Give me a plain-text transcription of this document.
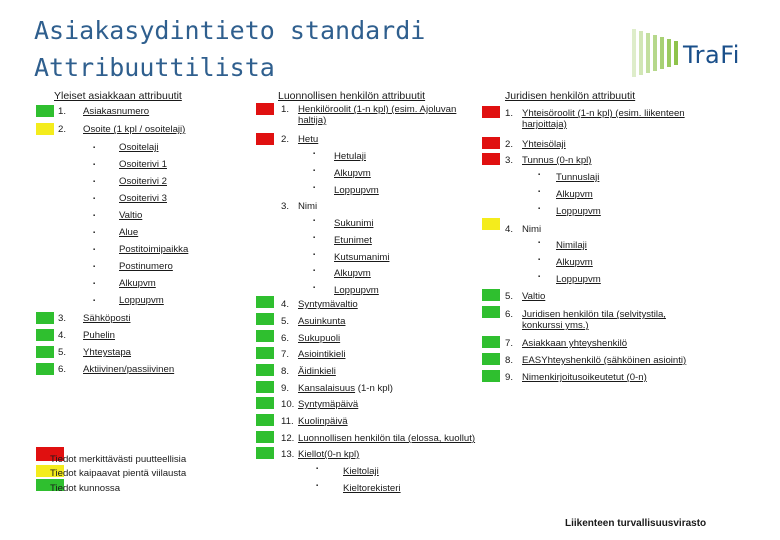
Asiakasydintieto standardi
Attribuuttilista	TraFi
Yleiset asiakkaan attribuutit	Luonnollisen henkilön attribuutit	Juridisen henkilön attribuutit
1. Asiakasnumero
2. Osoite (1 kpl / osoitelaji)
▪ Osoitelaji
▪ Osoiterivi 1
▪ Osoiterivi 2
▪ Osoiterivi 3
▪ Valtio
▪ Alue
▪ Postitoimipaikka
▪ Postinumero
▪ Alkupvm
▪ Loppupvm
3. Sähköposti
4. Puhelin
5. Yhteystapa
6. Aktiivinen/passiivinen
Tiedot merkittävästi puutteellisia
Tiedot kaipaavat pientä viilausta
Tiedot kunnossa
1. Henkilöroolit (1-n kpl) (esim. Ajoluvan
haltija)
2. Hetu
▪ Hetulaji
▪ Alkupvm
▪ Loppupvm
3. Nimi
▪ Sukunimi
▪ Etunimet
▪ Kutsumanimi
▪ Alkupvm
▪ Loppupvm
4. Syntymävaltio
5. Asuinkunta
6. Sukupuoli
7. Asiointikieli
8. Äidinkieli
9. Kansalaisuus (1-n kpl)
10. Syntymäpäivä
11. Kuolinpäivä
12. Luonnollisen henkilön tila (elossa, kuollut)
13. Kiellot(0-n kpl)
▪	Kieltolaji
▪	Kieltorekisteri
1. Yhteisöroolit (1-n kpl) (esim. liikenteen
harjoittaja)
2. Yhteisölaji
3. Tunnus (0-n kpl)
▪ Tunnuslaji
▪ Alkupvm
▪ Loppupvm
4. Nimi
▪ Nimilaji
▪ Alkupvm
▪ Loppupvm
5. Valtio
6. Juridisen henkilön tila (selvitystila,
konkurssi yms.)
7. Asiakkaan yhteyshenkilö
8. EASYhteyshenkilö (sähköinen asiointi)
9. Nimenkirjoitusoikeutetut (0-n)
Liikenteen turvallisuusvirasto
